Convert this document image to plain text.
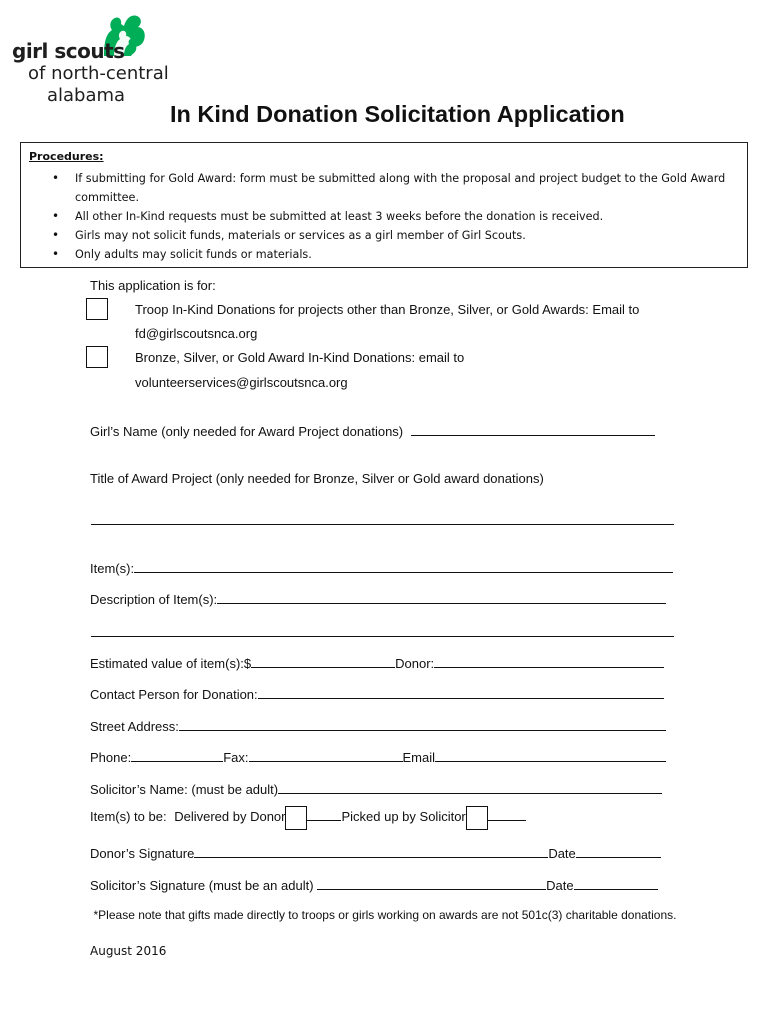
girl scouts
of north-central
alabama
In Kind Donation Solicitation Application
Procedures:
• If submitting for Gold Award: form must be submitted along with the proposal and project budget to the Gold Award committee.
• All other In-Kind requests must be submitted at least 3 weeks before the donation is received.
• Girls may not solicit funds, materials or services as a girl member of Girl Scouts.
• Only adults may solicit funds or materials.
This application is for:
Troop In-Kind Donations for projects other than Bronze, Silver, or Gold Awards: Email to
fd@girlscoutsnca.org
Bronze, Silver, or Gold Award In-Kind Donations: email to
volunteerservices@girlscoutsnca.org
Girl’s Name (only needed for Award Project donations)
Title of Award Project (only needed for Bronze, Silver or Gold award donations)
Item(s):
Description of Item(s):
Estimated value of item(s):$	Donor:
Contact Person for Donation:
Street Address:
Phone:	Fax:	Email
Solicitor’s Name: (must be adult)
Item(s) to be: Delivered by Donor	Picked up by Solicitor
Donor’s Signature	Date
Solicitor’s Signature (must be an adult)	Date
*Please note that gifts made directly to troops or girls working on awards are not 501c(3) charitable donations.
August 2016
